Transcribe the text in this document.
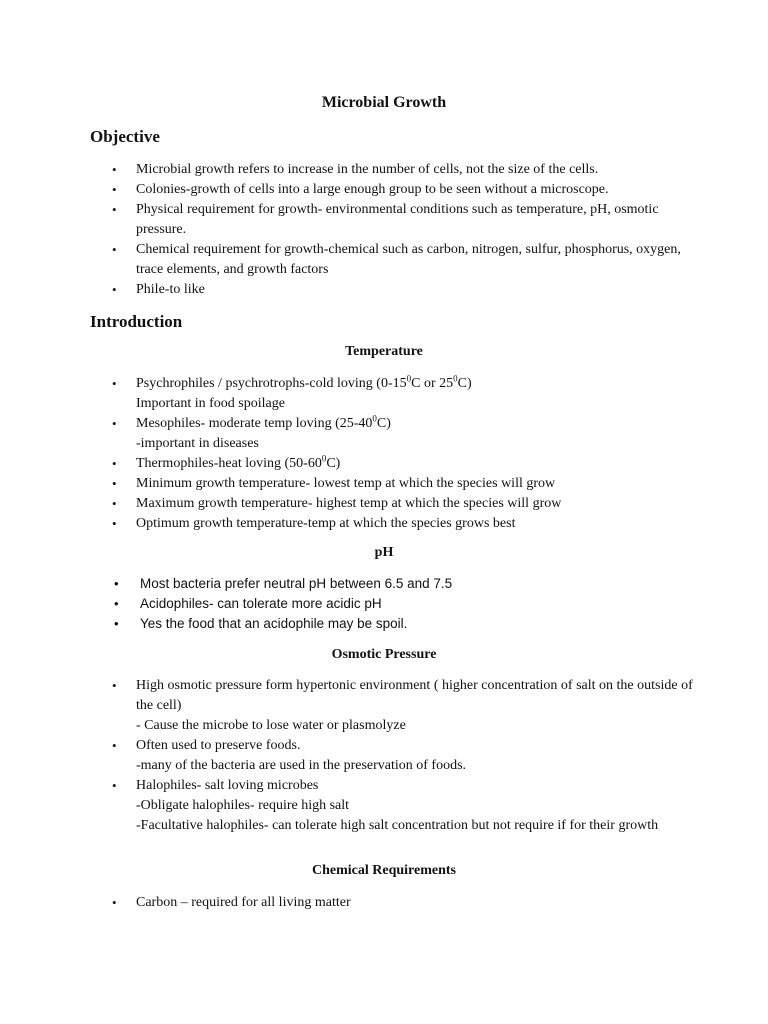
Microbial Growth
Objective
• Microbial growth refers to increase in the number of cells, not the size of the cells.
• Colonies-growth of cells into a large enough group to be seen without a microscope.
• Physical requirement for growth- environmental conditions such as temperature, pH, osmotic pressure.
• Chemical requirement for growth-chemical such as carbon, nitrogen, sulfur, phosphorus, oxygen, trace elements, and growth factors
• Phile-to like
Introduction
Temperature
• Psychrophiles / psychrotrophs-cold loving ($0-15^0C$ or $25^0C$)
Important in food spoilage
• Mesophiles- moderate temp loving $(25-40^0C)$
-important in diseases
• Thermophiles-heat loving $(50-60^0C)$
• Minimum growth temperature- lowest temp at which the species will grow
• Maximum growth temperature- highest temp at which the species will grow
• Optimum growth temperature-temp at which the species grows best
pH
• Most bacteria prefer neutral pH between 6.5 and 7.5
• Acidophiles- can tolerate more acidic pH
• Yes the food that an acidophile may be spoil.
Osmotic Pressure
• High osmotic pressure form hypertonic environment ( higher concentration of salt on the outside of the cell)
- Cause the microbe to lose water or plasmolyze
• Often used to preserve foods.
-many of the bacteria are used in the preservation of foods.
• Halophiles- salt loving microbes
-Obligate halophiles- require high salt
-Facultative halophiles- can tolerate high salt concentration but not require if for their growth
Chemical Requirements
• Carbon – required for all living matter
